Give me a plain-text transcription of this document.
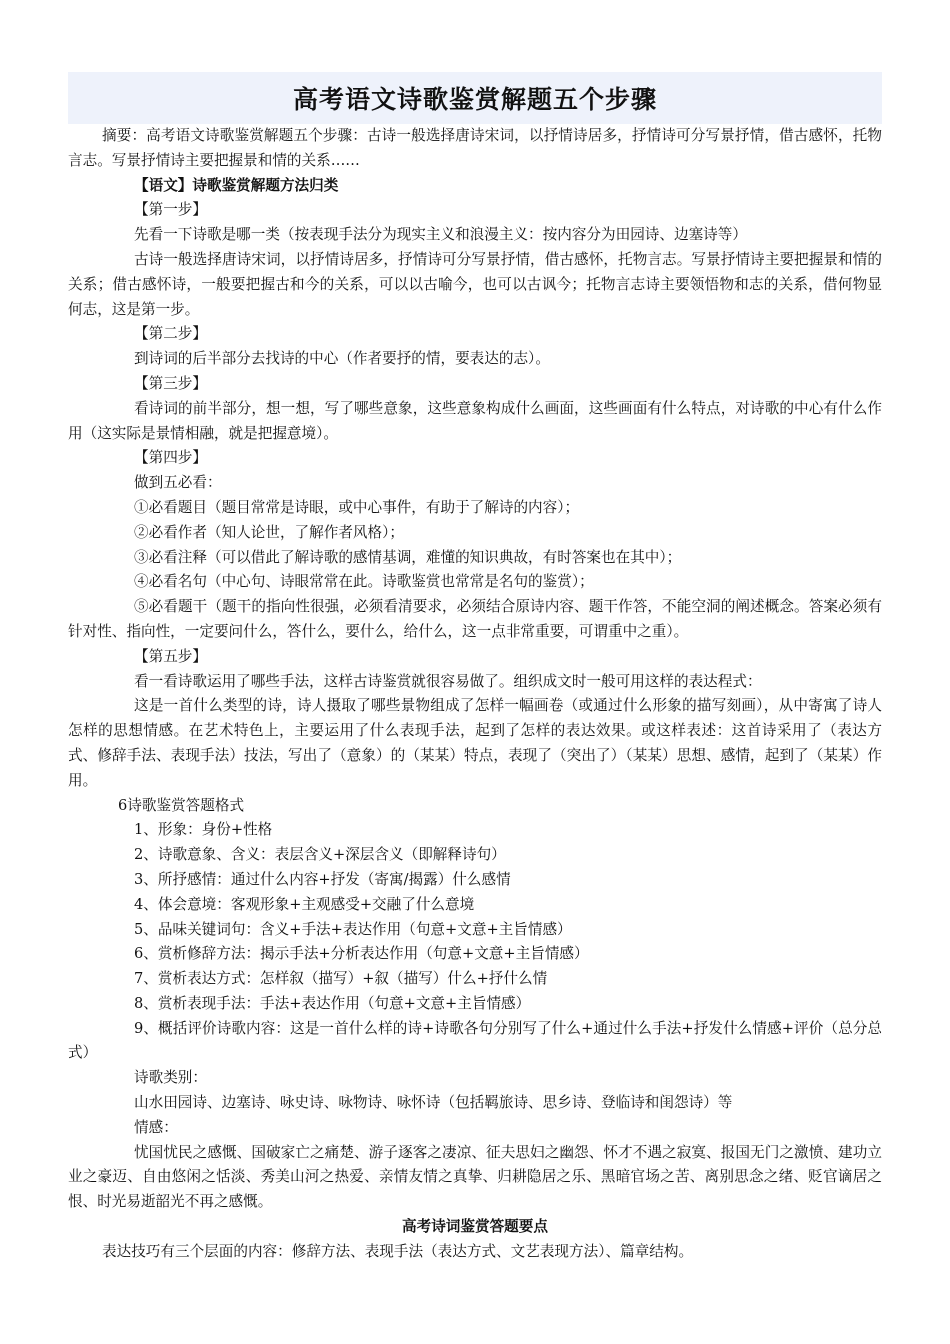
高考语文诗歌鉴赏解题五个步骤

摘要：高考语文诗歌鉴赏解题五个步骤：古诗一般选择唐诗宋词，以抒情诗居多，抒情诗可分写景抒情，借古感怀，托物言志。写景抒情诗主要把握景和情的关系……

【语文】诗歌鉴赏解题方法归类

【第一步】

先看一下诗歌是哪一类（按表现手法分为现实主义和浪漫主义：按内容分为田园诗、边塞诗等）

古诗一般选择唐诗宋词，以抒情诗居多，抒情诗可分写景抒情，借古感怀，托物言志。写景抒情诗主要把握景和情的关系；借古感怀诗，一般要把握古和今的关系，可以以古喻今，也可以古讽今；托物言志诗主要领悟物和志的关系，借何物显何志，这是第一步。

【第二步】

到诗词的后半部分去找诗的中心（作者要抒的情，要表达的志）。

【第三步】

看诗词的前半部分，想一想，写了哪些意象，这些意象构成什么画面，这些画面有什么特点，对诗歌的中心有什么作用（这实际是景情相融，就是把握意境）。

【第四步】

做到五必看：

①必看题目（题目常常是诗眼，或中心事件，有助于了解诗的内容）；

②必看作者（知人论世，了解作者风格）；

③必看注释（可以借此了解诗歌的感情基调，难懂的知识典故，有时答案也在其中）；

④必看名句（中心句、诗眼常常在此。诗歌鉴赏也常常是名句的鉴赏）；

⑤必看题干（题干的指向性很强，必须看清要求，必须结合原诗内容、题干作答，不能空洞的阐述概念。答案必须有针对性、指向性，一定要问什么，答什么，要什么，给什么，这一点非常重要，可谓重中之重）。

【第五步】

看一看诗歌运用了哪些手法，这样古诗鉴赏就很容易做了。组织成文时一般可用这样的表达程式：

这是一首什么类型的诗，诗人摄取了哪些景物组成了怎样一幅画卷（或通过什么形象的描写刻画），从中寄寓了诗人怎样的思想情感。在艺术特色上，主要运用了什么表现手法，起到了怎样的表达效果。或这样表述：这首诗采用了（表达方式、修辞手法、表现手法）技法，写出了（意象）的（某某）特点，表现了（突出了）（某某）思想、感情，起到了（某某）作用。

6诗歌鉴赏答题格式

1、形象：身份+性格

2、诗歌意象、含义：表层含义+深层含义（即解释诗句）

3、所抒感情：通过什么内容+抒发（寄寓/揭露）什么感情

4、体会意境：客观形象+主观感受+交融了什么意境

5、品味关键词句：含义+手法+表达作用（句意+文意+主旨情感）

6、赏析修辞方法：揭示手法+分析表达作用（句意+文意+主旨情感）

7、赏析表达方式：怎样叙（描写）+叙（描写）什么+抒什么情

8、赏析表现手法：手法+表达作用（句意+文意+主旨情感）

9、概括评价诗歌内容：这是一首什么样的诗+诗歌各句分别写了什么+通过什么手法+抒发什么情感+评价（总分总式）

诗歌类别：

山水田园诗、边塞诗、咏史诗、咏物诗、咏怀诗（包括羁旅诗、思乡诗、登临诗和闺怨诗）等

情感：

忧国忧民之感慨、国破家亡之痛楚、游子逐客之凄凉、征夫思妇之幽怨、怀才不遇之寂寞、报国无门之激愤、建功立业之豪迈、自由悠闲之恬淡、秀美山河之热爱、亲情友情之真挚、归耕隐居之乐、黑暗官场之苦、离别思念之绪、贬官谪居之恨、时光易逝韶光不再之感慨。

高考诗词鉴赏答题要点

表达技巧有三个层面的内容：修辞方法、表现手法（表达方式、文艺表现方法）、篇章结构。
